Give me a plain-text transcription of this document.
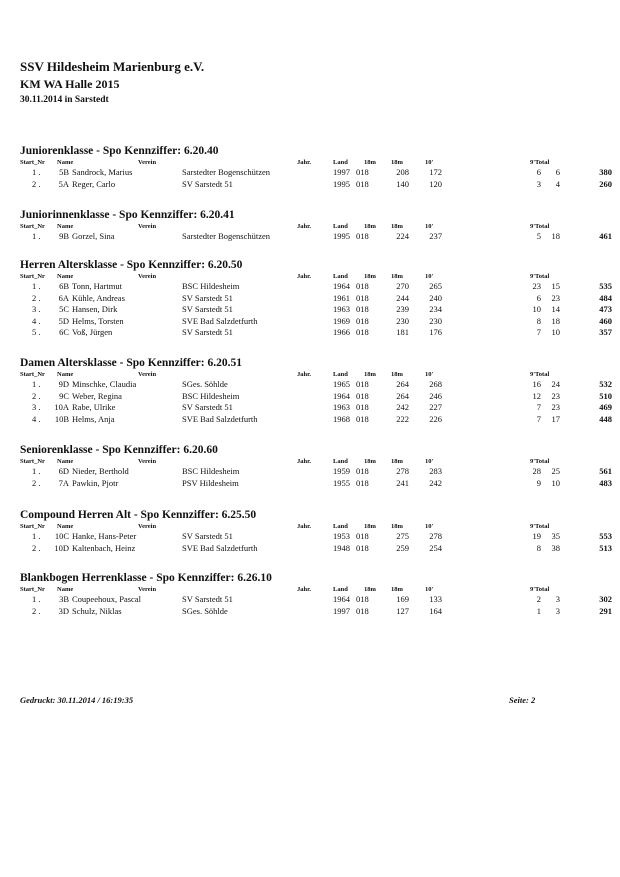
SSV Hildesheim Marienburg e.V.
KM WA Halle 2015
30.11.2014 in Sarstedt
Juniorenklasse - Spo Kennziffer: 6.20.40
Start_Nr Name	Verein	Jahr.	Land 18m 18m	10'	9'Total
1 . 5B Sandrock, Marius	Sarstedter Bogenschützen	1997 018	208 172	6 6	380
2 . 5A Reger, Carlo	SV Sarstedt 51	1995 018	140 120	3 4	260
Juniorinnenklasse - Spo Kennziffer: 6.20.41
Start_Nr Name	Verein	Jahr.	Land 18m 18m	10'	9'Total
1 . 9B Gorzel, Sina	Sarstedter Bogenschützen	1995 018	224 237	5 18	461
Herren Altersklasse - Spo Kennziffer: 6.20.50
Start_Nr Name	Verein	Jahr.	Land 18m 18m	10'	9'Total
1 . 6B Tonn, Hartmut	BSC Hildesheim	1964 018	270 265	23 15	535
2 . 6A Kühle, Andreas	SV Sarstedt 51	1961 018	244 240	6 23	484
3 . 5C Hansen, Dirk	SV Sarstedt 51	1963 018	239 234	10 14	473
4 . 5D Helms, Torsten	SVE Bad Salzdetfurth	1969 018	230 230	8 18	460
5 . 6C Voß, Jürgen	SV Sarstedt 51	1966 018	181 176	7 10	357
Damen Altersklasse - Spo Kennziffer: 6.20.51
Start_Nr Name	Verein	Jahr.	Land 18m 18m	10'	9'Total
1 . 9D Minschke, Claudia	SGes. Söhlde	1965 018	264 268	16 24	532
2 . 9C Weber, Regina	BSC Hildesheim	1964 018	264 246	12 23	510
3 . 10A Rabe, Ulrike	SV Sarstedt 51	1963 018	242 227	7 23	469
4 . 10B Helms, Anja	SVE Bad Salzdetfurth	1968 018	222 226	7 17	448
Seniorenklasse - Spo Kennziffer: 6.20.60
Start_Nr Name	Verein	Jahr.	Land 18m 18m	10'	9'Total
1 . 6D Nieder, Berthold	BSC Hildesheim	1959 018	278 283	28 25	561
2 . 7A Pawkin, Pjotr	PSV Hildesheim	1955 018	241 242	9 10	483
Compound Herren Alt - Spo Kennziffer: 6.25.50
Start_Nr Name	Verein	Jahr.	Land 18m 18m	10'	9'Total
1 . 10C Hanke, Hans-Peter	SV Sarstedt 51	1953 018	275 278	19 35	553
2 . 10D Kaltenbach, Heinz	SVE Bad Salzdetfurth	1948 018	259 254	8 38	513
Blankbogen Herrenklasse - Spo Kennziffer: 6.26.10
Start_Nr Name	Verein	Jahr.	Land 18m 18m	10'	9'Total
1 . 3B Coupeehoux, Pascal	SV Sarstedt 51	1964 018	169 133	2 3	302
2 . 3D Schulz, Niklas	SGes. Söhlde	1997 018	127 164	1 3	291
Gedruckt: 30.11.2014 / 16:19:35	Seite: 2
